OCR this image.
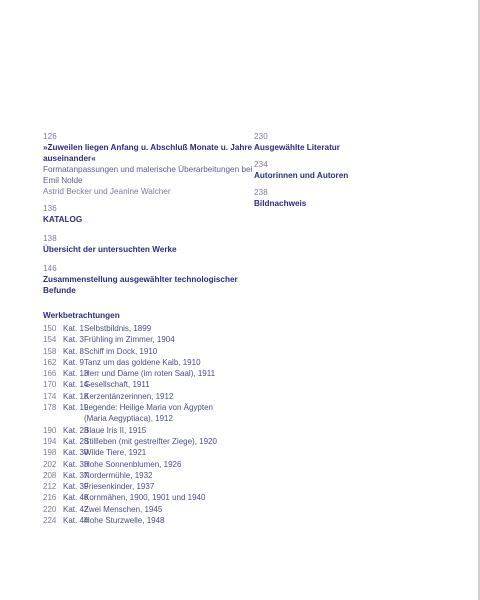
126
»Zuweilen liegen Anfang u. Abschluß Monate u. Jahre auseinander«
Formatanpassungen und malerische Überarbeitungen bei Emil Nolde
Astrid Becker und Jeanine Walcher
136
KATALOG
138
Übersicht der untersuchten Werke
146
Zusammenstellung ausgewählter technologischer Befunde
Werkbetrachtungen
150 Kat. 1 Selbstbildnis, 1899
154 Kat. 3 Frühling im Zimmer, 1904
158 Kat. 8 Schiff im Dock, 1910
162 Kat. 9 Tanz um das goldene Kalb, 1910
166 Kat. 13
Herr und Dame (im roten Saal), 1911
170 Kat. 14
Gesellschaft, 1911
174 Kat. 18
Kerzentänzerinnen, 1912
178 Kat. 19
Legende: Heilige Maria von Ägypten
(Maria Aegyptiaca), 1912
190 Kat. 23
Blaue Iris II, 1915
194 Kat. 28
Stillleben (mit gestreifter Ziege), 1920
198 Kat. 30
Wilde Tiere, 1921
202 Kat. 33
Hohe Sonnenblumen, 1926
208 Kat. 37
Nordermühle, 1932
212 Kat. 39
Friesenkinder, 1937
216 Kat. 40
Kornmähen, 1900, 1901 und 1940
220 Kat. 42
Zwei Menschen, 1945
224 Kat. 44
Hohe Sturzwelle, 1948
230
Ausgewählte Literatur
234
Autorinnen und Autoren
238
Bildnachweis
